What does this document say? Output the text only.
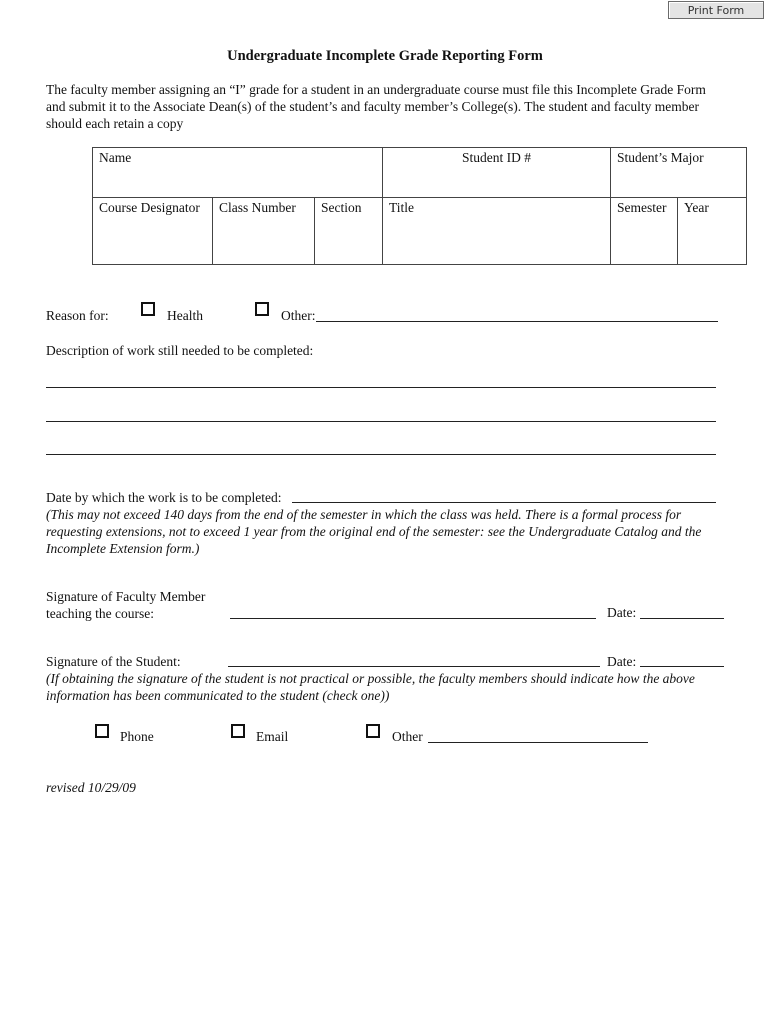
Print Form
Undergraduate Incomplete Grade Reporting Form
The faculty member assigning an “I” grade for a student in an undergraduate course must file this Incomplete Grade Form
and submit it to the Associate Dean(s) of the student’s and faculty member’s College(s). The student and faculty member
should each retain a copy
Name			Student ID #	Student’s Major	
Course Designator	Class Number	Section	Title	Semester	Year
Reason for:	Health	Other:
Description of work still needed to be completed:
Date by which the work is to be completed:
(This may not exceed 140 days from the end of the semester in which the class was held. There is a formal process for
requesting extensions, not to exceed 1 year from the original end of the semester: see the Undergraduate Catalog and the
Incomplete Extension form.)
Signature of Faculty Member
teaching the course:	Date:
Signature of the Student:	Date:
(If obtaining the signature of the student is not practical or possible, the faculty members should indicate how the above
information has been communicated to the student (check one))
Phone	Email	Other
revised 10/29/09
